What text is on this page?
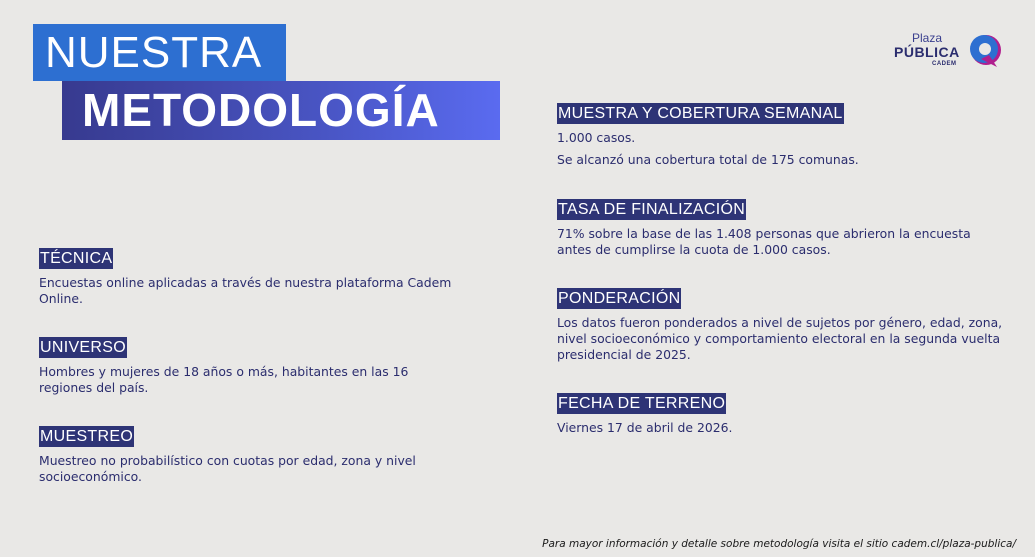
NUESTRA
METODOLOGÍA
Plaza
PÚBLICA
CADEM
TÉCNICA

Encuestas online aplicadas a través de nuestra plataforma Cadem Online.

UNIVERSO

Hombres y mujeres de 18 años o más, habitantes en las 16 regiones del país.

MUESTREO

Muestreo no probabilístico con cuotas por edad, zona y nivel socioeconómico.

MUESTRA Y COBERTURA SEMANAL

1.000 casos.

Se alcanzó una cobertura total de 175 comunas.

TASA DE FINALIZACIÓN

71% sobre la base de las 1.408 personas que abrieron la encuesta antes de cumplirse la cuota de 1.000 casos.

PONDERACIÓN

Los datos fueron ponderados a nivel de sujetos por género, edad, zona, nivel socioeconómico y comportamiento electoral en la segunda vuelta presidencial de 2025.

FECHA DE TERRENO

Viernes 17 de abril de 2026.

Para mayor información y detalle sobre metodología visita el sitio cadem.cl/plaza-publica/
